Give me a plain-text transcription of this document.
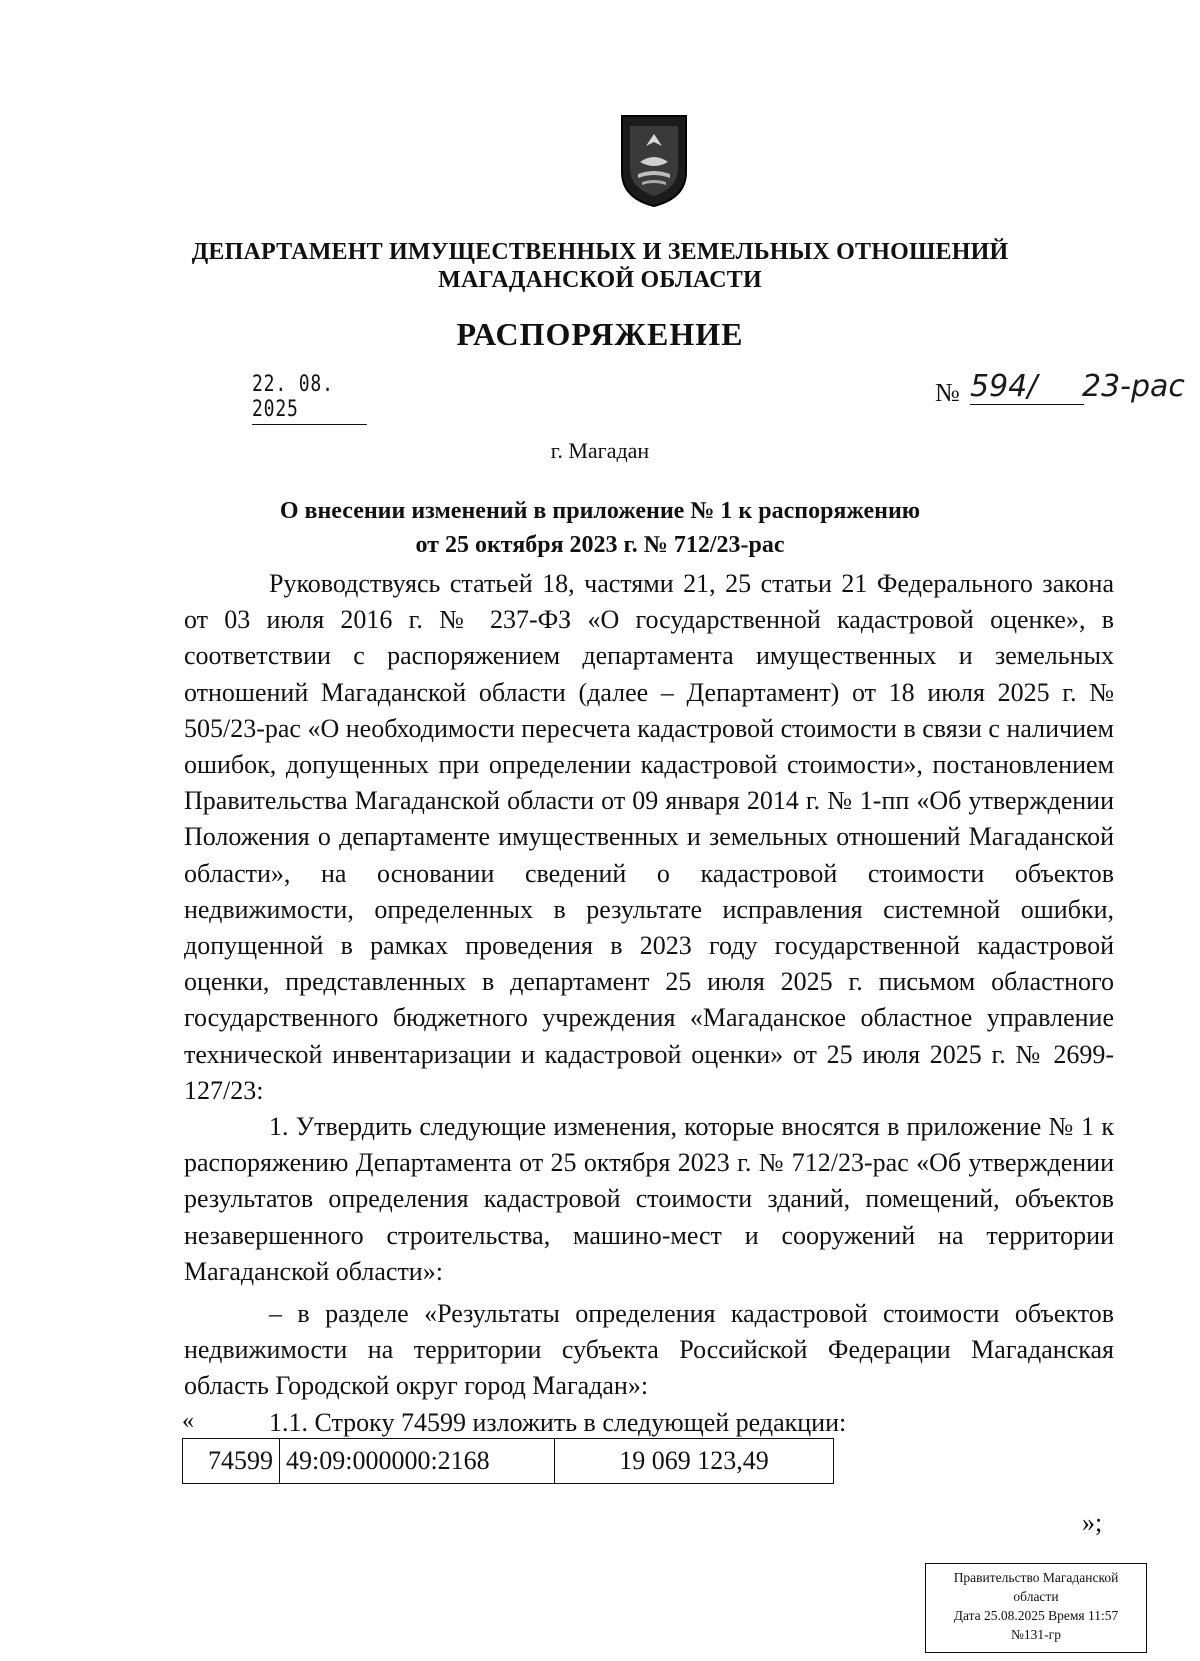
ДЕПАРТАМЕНТ ИМУЩЕСТВЕННЫХ И ЗЕМЕЛЬНЫХ ОТНОШЕНИЙ
МАГАДАНСКОЙ ОБЛАСТИ
РАСПОРЯЖЕНИЕ
22. 08. 2025
№ 594/	23-рас
г. Магадан
О внесении изменений в приложение № 1 к распоряжению
от 25 октября 2023 г. № 712/23-рас

Руководствуясь статьей 18, частями 21, 25 статьи 21 Федерального закона от 03 июля 2016 г. № 237-ФЗ «О государственной кадастровой оценке», в соответствии с распоряжением департамента имущественных и земельных отношений Магаданской области (далее – Департамент) от 18 июля 2025 г. № 505/23-рас «О необходимости пересчета кадастровой стоимости в связи с наличием ошибок, допущенных при определении кадастровой стоимости», постановлением Правительства Магаданской области от 09 января 2014 г. № 1-пп «Об утверждении Положения о департаменте имущественных и земельных отношений Магаданской области», на основании сведений о кадастровой стоимости объектов недвижимости, определенных в результате исправления системной ошибки, допущенной в рамках проведения в 2023 году государственной кадастровой оценки, представленных в департамент 25 июля 2025 г. письмом областного государственного бюджетного учреждения «Магаданское областное управление технической инвентаризации и кадастровой оценки» от 25 июля 2025 г. № 2699-127/23:

1. Утвердить следующие изменения, которые вносятся в приложение № 1 к распоряжению Департамента от 25 октября 2023 г. № 712/23-рас «Об утверждении результатов определения кадастровой стоимости зданий, помещений, объектов незавершенного строительства, машино-мест и сооружений на территории Магаданской области»:

– в разделе «Результаты определения кадастровой стоимости объектов недвижимости на территории субъекта Российской Федерации Магаданская область Городской округ город Магадан»:

1.1. Строку 74599 изложить в следующей редакции:

«
74599	49:09:000000:2168	19 069 123,49
»;
Правительство Магаданской
области
Дата 25.08.2025 Время 11:57
№131-гр
